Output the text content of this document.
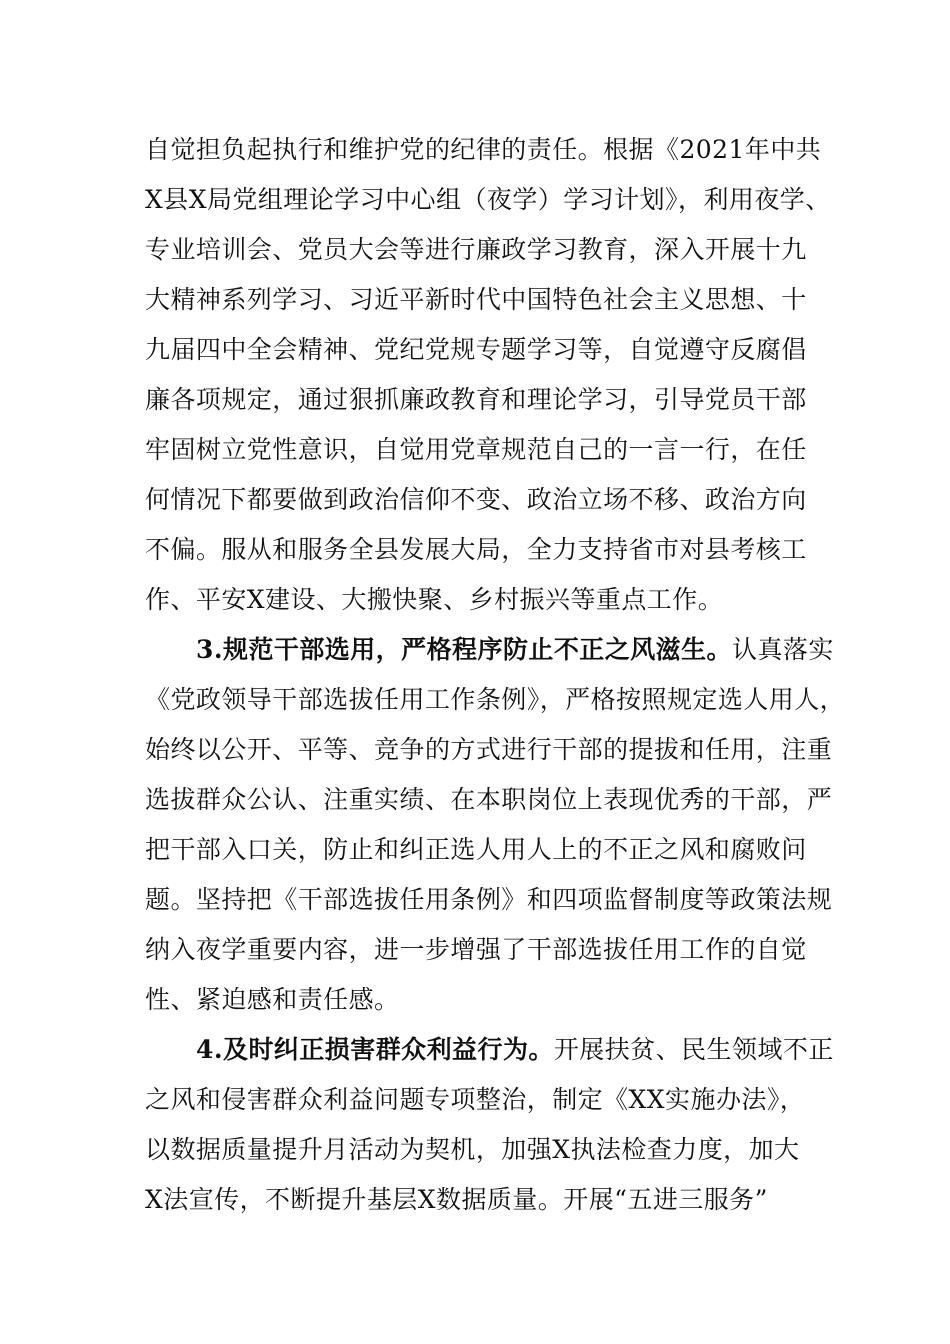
自觉担负起执行和维护党的纪律的责任。根据《2021年中共
X县X局党组理论学习中心组（夜学）学习计划》，利用夜学、
专业培训会、党员大会等进行廉政学习教育，深入开展十九
大精神系列学习、习近平新时代中国特色社会主义思想、十
九届四中全会精神、党纪党规专题学习等，自觉遵守反腐倡
廉各项规定，通过狠抓廉政教育和理论学习，引导党员干部
牢固树立党性意识，自觉用党章规范自己的一言一行，在任
何情况下都要做到政治信仰不变、政治立场不移、政治方向
不偏。服从和服务全县发展大局，全力支持省市对县考核工
作、平安X建设、大搬快聚、乡村振兴等重点工作。
3.规范干部选用，严格程序防止不正之风滋生。认真落实
《党政领导干部选拔任用工作条例》，严格按照规定选人用人，
始终以公开、平等、竞争的方式进行干部的提拔和任用，注重
选拔群众公认、注重实绩、在本职岗位上表现优秀的干部，严
把干部入口关，防止和纠正选人用人上的不正之风和腐败问
题。坚持把《干部选拔任用条例》和四项监督制度等政策法规
纳入夜学重要内容，进一步增强了干部选拔任用工作的自觉
性、紧迫感和责任感。
4.及时纠正损害群众利益行为。开展扶贫、民生领域不正
之风和侵害群众利益问题专项整治，制定《XX实施办法》，
以数据质量提升月活动为契机，加强X执法检查力度，加大
X法宣传，不断提升基层X数据质量。开展“五进三服务”
